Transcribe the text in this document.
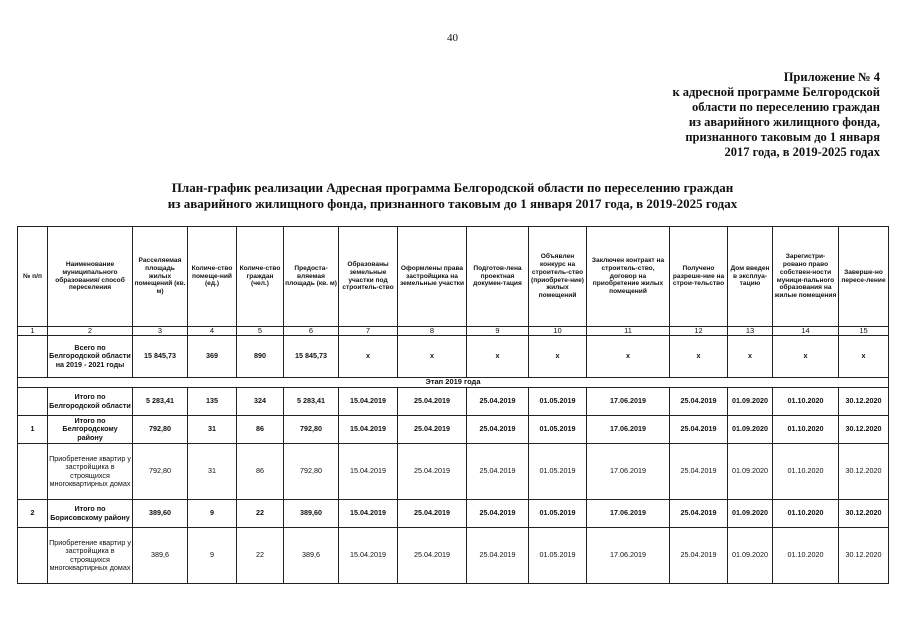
40
Приложение № 4
к адресной программе Белгородской
области по переселению граждан
из аварийного жилищного фонда,
признанного таковым до 1 января
2017 года, в 2019-2025 годах
План-график реализации Адресная программа Белгородской области по переселению граждан
из аварийного жилищного фонда, признанного таковым до 1 января 2017 года, в 2019-2025 годах
№ п/п	Наименование муниципального образования/ способ переселения	Расселяемая площадь жилых помещений (кв. м)	Количе-ство помеще-ний (ед.)	Количе-ство граждан (чел.)	Предоста-вляемая площадь (кв. м)	Образованы земельные участки под строитель-ство	Оформлены права застройщика на земельные участки	Подготов-лена проектная докумен-тация	Объявлен конкурс на строитель-ство (приобрете-ние) жилых помещений	Заключен контракт на строитель-ство, договор на приобретение жилых помещений	Получено разреше-ние на строи-тельство	Дом введен в эксплуа-тацию	Зарегистри-ровано право собствен-ности муници-пального образования на жилые помещения	Заверше-но пересе-ление
1	2	3	4	5	6	7	8	9	10	11	12	13	14	15
	Всего по Белгородской области на 2019 - 2021 годы	15 845,73	369	890	15 845,73	x	x	x	x	x	x	x	x	x
Этап 2019 года														
	Итого по Белгородской области	5 283,41	135	324	5 283,41	15.04.2019	25.04.2019	25.04.2019	01.05.2019	17.06.2019	25.04.2019	01.09.2020	01.10.2020	30.12.2020
1	Итого по Белгородскому району	792,80	31	86	792,80	15.04.2019	25.04.2019	25.04.2019	01.05.2019	17.06.2019	25.04.2019	01.09.2020	01.10.2020	30.12.2020
	Приобретение квартир у застройщика в строящихся многоквартирных домах	792,80	31	86	792,80	15.04.2019	25.04.2019	25.04.2019	01.05.2019	17.06.2019	25.04.2019	01.09.2020	01.10.2020	30.12.2020
2	Итого по Борисовскому району	389,60	9	22	389,60	15.04.2019	25.04.2019	25.04.2019	01.05.2019	17.06.2019	25.04.2019	01.09.2020	01.10.2020	30.12.2020
	Приобретение квартир у застройщика в строящихся многоквартирных домах	389,6	9	22	389,6	15.04.2019	25.04.2019	25.04.2019	01.05.2019	17.06.2019	25.04.2019	01.09.2020	01.10.2020	30.12.2020
